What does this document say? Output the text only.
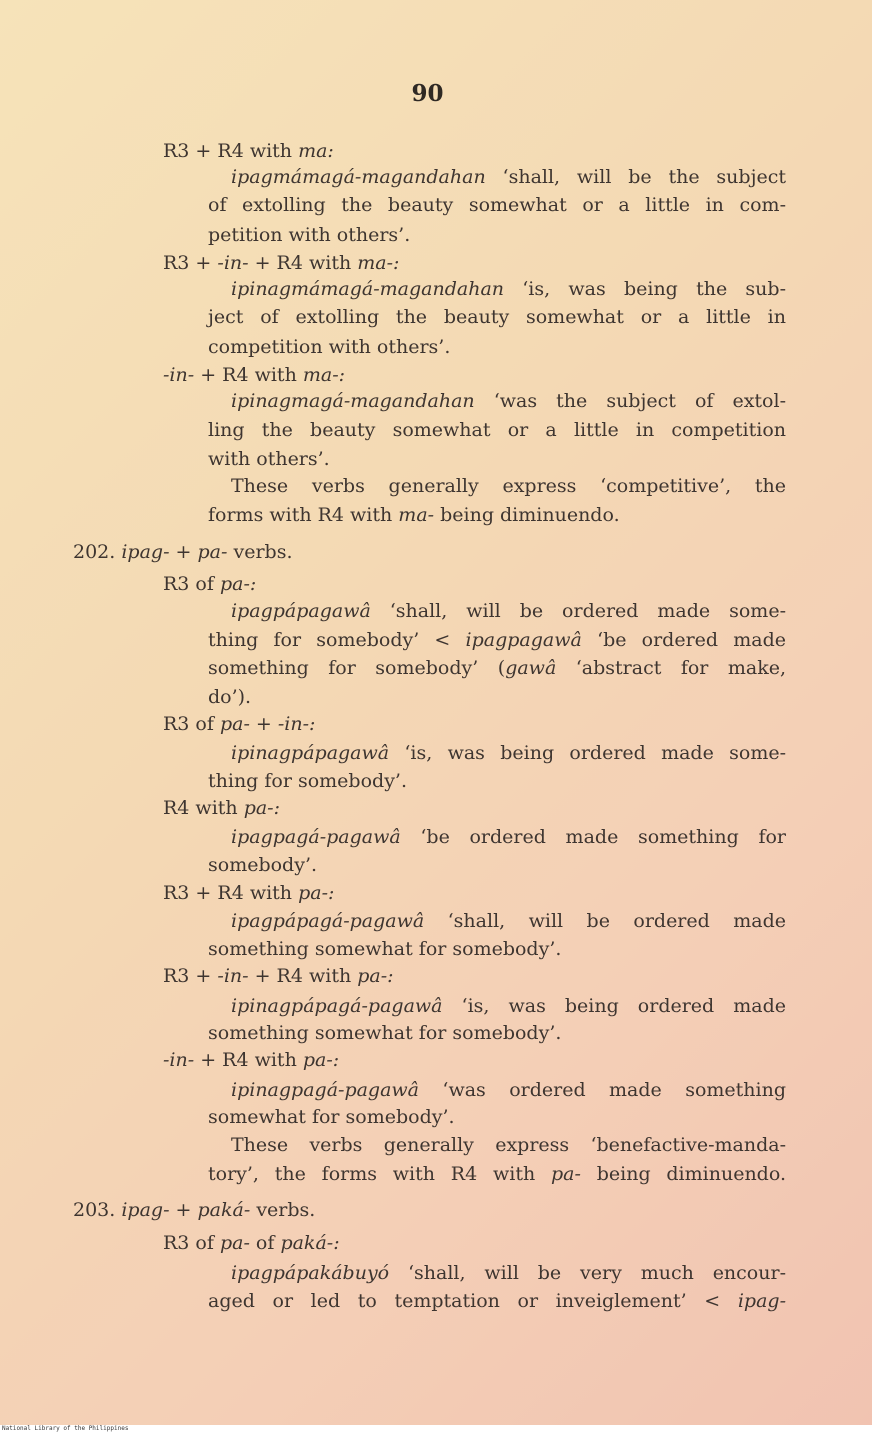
90
R3 + R4 with ma:
ipagmámagá-magandahan ‘shall, will be the subject
of extolling the beauty somewhat or a little in com-
petition with others’.
R3 + -in- + R4 with ma-:
ipinagmámagá-magandahan ‘is, was being the sub-
ject of extolling the beauty somewhat or a little in
competition with others’.
-in- + R4 with ma-:
ipinagmagá-magandahan ‘was the subject of extol-
ling the beauty somewhat or a little in competition
with others’.
These verbs generally express ‘competitive’, the
forms with R4 with ma- being diminuendo.
202. ipag- + pa- verbs.
R3 of pa-:
ipagpápagawâ ‘shall, will be ordered made some-
thing for somebody’ < ipagpagawâ ‘be ordered made
something for somebody’ (gawâ ‘abstract for make,
do’).
R3 of pa- + -in-:
ipinagpápagawâ ‘is, was being ordered made some-
thing for somebody’.
R4 with pa-:
ipagpagá-pagawâ ‘be ordered made something for
somebody’.
R3 + R4 with pa-:
ipagpápagá-pagawâ ‘shall, will be ordered made
something somewhat for somebody’.
R3 + -in- + R4 with pa-:
ipinagpápagá-pagawâ ‘is, was being ordered made
something somewhat for somebody’.
-in- + R4 with pa-:
ipinagpagá-pagawâ ‘was ordered made something
somewhat for somebody’.
These verbs generally express ‘benefactive-manda-
tory’, the forms with R4 with pa- being diminuendo.
203. ipag- + paká- verbs.
R3 of pa- of paká-:
ipagpápakábuyó ‘shall, will be very much encour-
aged or led to temptation or inveiglement’ < ipag-
National Library of the Philippines
